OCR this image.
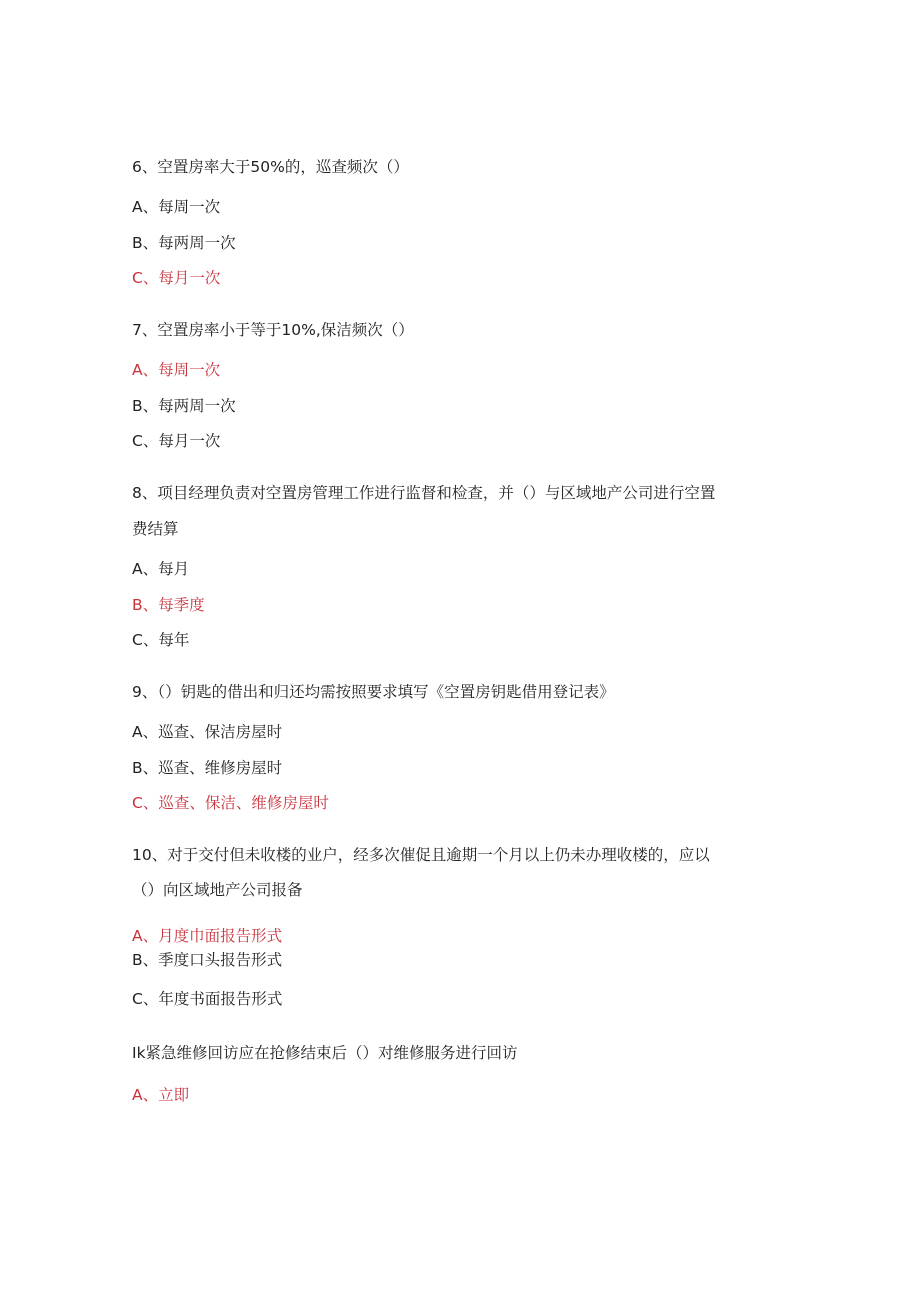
6、空置房率大于50%的，巡查频次（）
A、每周一次
B、每两周一次
C、每月一次
7、空置房率小于等于10%,保洁频次（）
A、每周一次
B、每两周一次
C、每月一次
8、项目经理负责对空置房管理工作进行监督和检查，并（）与区域地产公司进行空置
费结算
A、每月
B、每季度
C、每年
9、（）钥匙的借出和归还均需按照要求填写《空置房钥匙借用登记表》
A、巡查、保洁房屋时
B、巡查、维修房屋时
C、巡查、保洁、维修房屋时
10、对于交付但未收楼的业户，经多次催促且逾期一个月以上仍未办理收楼的，应以
（）向区域地产公司报备
A、月度巾面报告形式
B、季度口头报告形式
C、年度书面报告形式
Ik紧急维修回访应在抢修结束后（）对维修服务进行回访
A、立即
